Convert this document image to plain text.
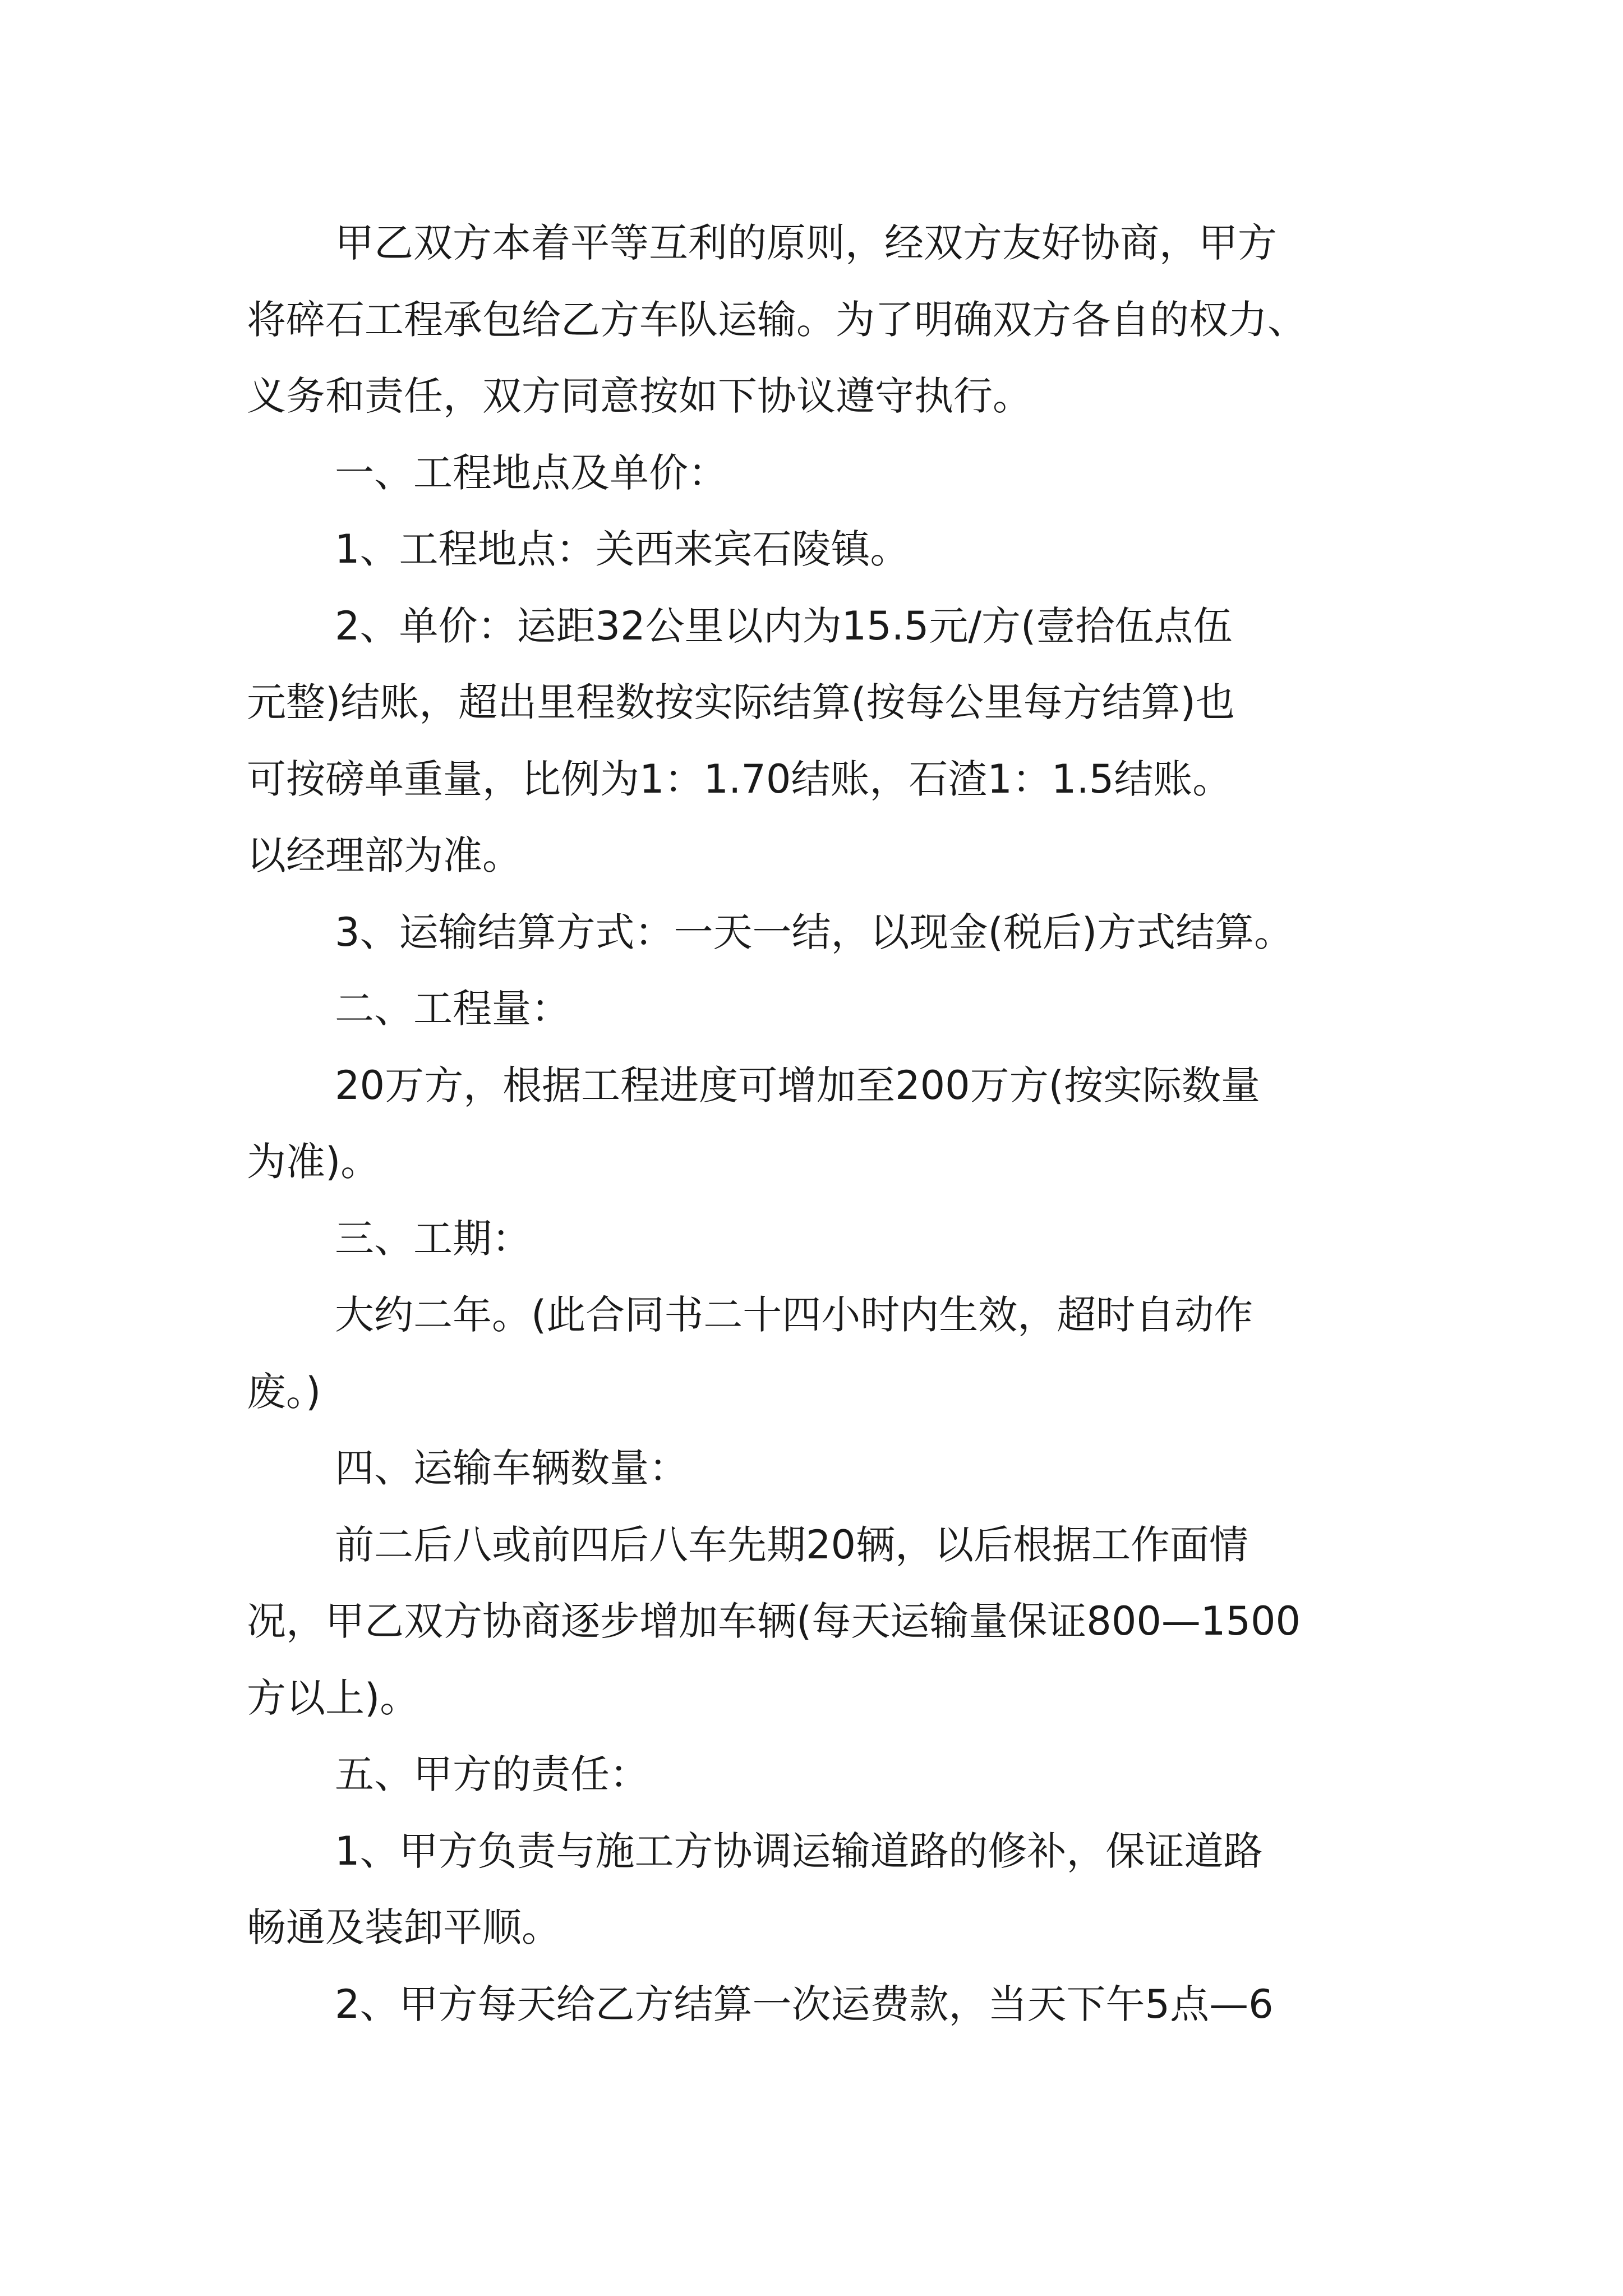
甲乙双方本着平等互利的原则，经双方友好协商，甲方
将碎石工程承包给乙方车队运输。为了明确双方各自的权力、
义务和责任，双方同意按如下协议遵守执行。
一、工程地点及单价：
1、工程地点：关西来宾石陵镇。
2、单价：运距32公里以内为15.5元/方(壹拾伍点伍
元整)结账，超出里程数按实际结算(按每公里每方结算)也
可按磅单重量，比例为1：1.70结账，石渣1：1.5结账。
以经理部为准。
3、运输结算方式：一天一结，以现金(税后)方式结算。
二、工程量：
20万方，根据工程进度可增加至200万方(按实际数量
为准)。
三、工期：
大约二年。(此合同书二十四小时内生效，超时自动作
废。)
四、运输车辆数量：
前二后八或前四后八车先期20辆，以后根据工作面情
况，甲乙双方协商逐步增加车辆(每天运输量保证800—1500
方以上)。
五、甲方的责任：
1、甲方负责与施工方协调运输道路的修补，保证道路
畅通及装卸平顺。
2、甲方每天给乙方结算一次运费款，当天下午5点—6
